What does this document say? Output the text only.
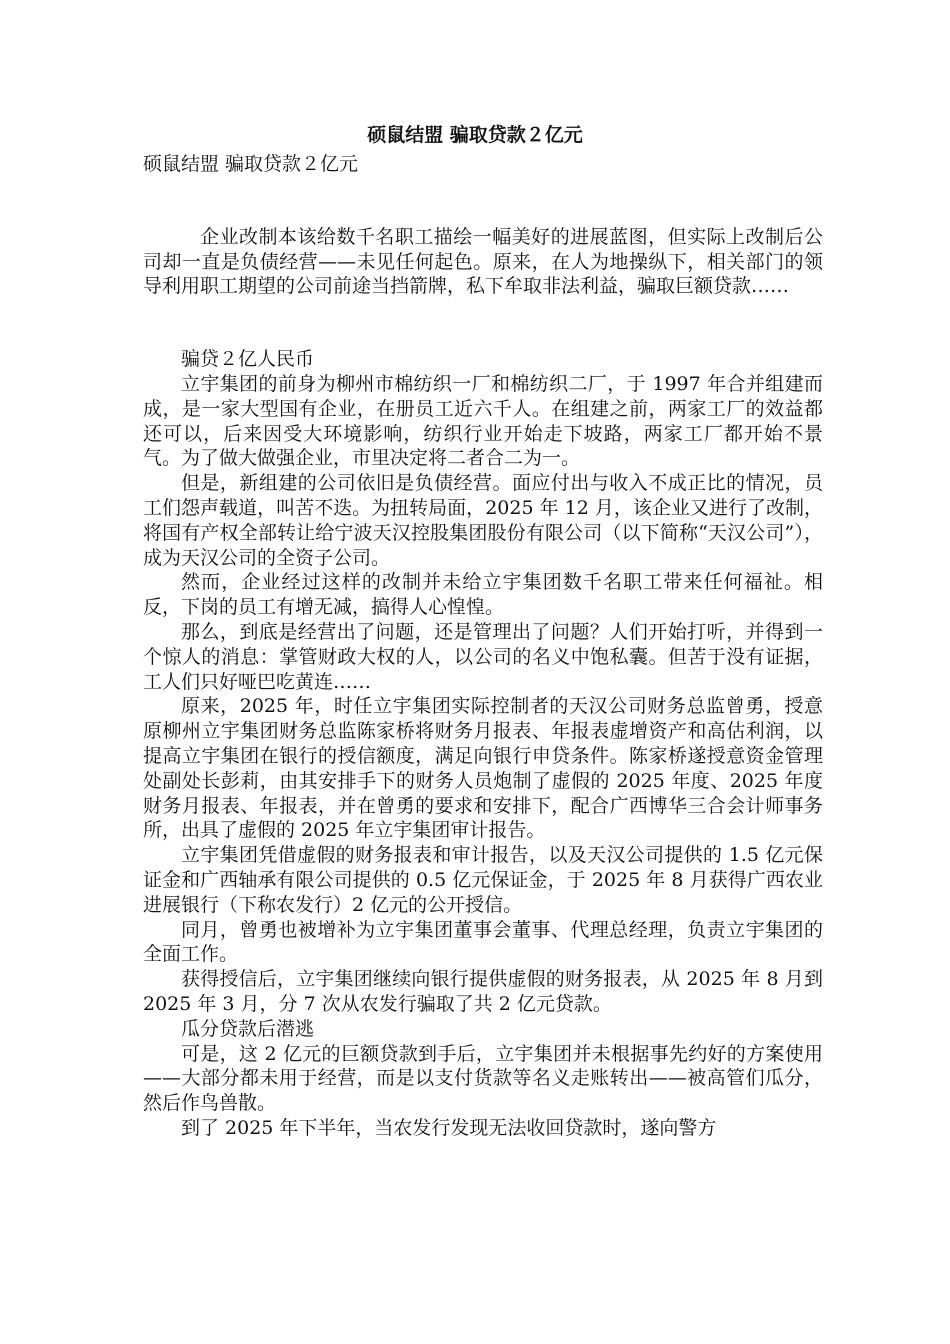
硕鼠结盟 骗取贷款２亿元

硕鼠结盟 骗取贷款２亿元

企业改制本该给数千名职工描绘一幅美好的进展蓝图，但实际上改制后公司却一直是负债经营——未见任何起色。原来，在人为地操纵下，相关部门的领导利用职工期望的公司前途当挡箭牌，私下牟取非法利益，骗取巨额贷款……

骗贷２亿人民币

立宇集团的前身为柳州市棉纺织一厂和棉纺织二厂，于 1997 年合并组建而成，是一家大型国有企业，在册员工近六千人。在组建之前，两家工厂的效益都还可以，后来因受大环境影响，纺织行业开始走下坡路，两家工厂都开始不景气。为了做大做强企业，市里决定将二者合二为一。

但是，新组建的公司依旧是负债经营。面应付出与收入不成正比的情况，员工们怨声载道，叫苦不迭。为扭转局面，2025 年 12 月，该企业又进行了改制，将国有产权全部转让给宁波天汉控股集团股份有限公司（以下简称“天汉公司”），成为天汉公司的全资子公司。

然而，企业经过这样的改制并未给立宇集团数千名职工带来任何福祉。相反，下岗的员工有增无减，搞得人心惶惶。

那么，到底是经营出了问题，还是管理出了问题？人们开始打听，并得到一个惊人的消息：掌管财政大权的人，以公司的名义中饱私囊。但苦于没有证据，工人们只好哑巴吃黄连……

原来，2025 年，时任立宇集团实际控制者的天汉公司财务总监曾勇，授意原柳州立宇集团财务总监陈家桥将财务月报表、年报表虚增资产和高估利润，以提高立宇集团在银行的授信额度，满足向银行申贷条件。陈家桥遂授意资金管理处副处长彭莉，由其安排手下的财务人员炮制了虚假的 2025 年度、2025 年度财务月报表、年报表，并在曾勇的要求和安排下，配合广西博华三合会计师事务所，出具了虚假的 2025 年立宇集团审计报告。

立宇集团凭借虚假的财务报表和审计报告，以及天汉公司提供的 1.5 亿元保证金和广西轴承有限公司提供的 0.5 亿元保证金，于 2025 年 8 月获得广西农业进展银行（下称农发行）2 亿元的公开授信。

同月，曾勇也被增补为立宇集团董事会董事、代理总经理，负责立宇集团的全面工作。

获得授信后，立宇集团继续向银行提供虚假的财务报表，从 2025 年 8 月到 2025 年 3 月，分 7 次从农发行骗取了共 2 亿元贷款。

瓜分贷款后潜逃

可是，这 2 亿元的巨额贷款到手后，立宇集团并未根据事先约好的方案使用——大部分都未用于经营，而是以支付货款等名义走账转出——被高管们瓜分，然后作鸟兽散。

到了 2025 年下半年，当农发行发现无法收回贷款时，遂向警方
